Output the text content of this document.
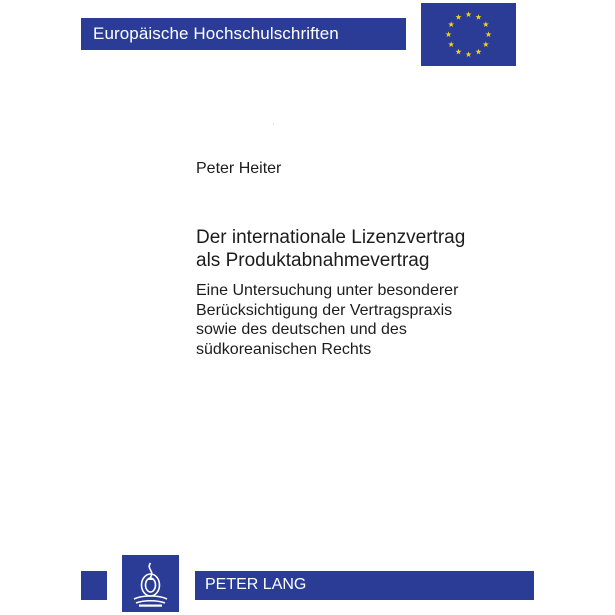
Europäische Hochschulschriften
Peter Heiter
Der internationale Lizenzvertrag
als Produktabnahmevertrag
Eine Untersuchung unter besonderer
Berücksichtigung der Vertragspraxis
sowie des deutschen und des
südkoreanischen Rechts
PETER LANG
